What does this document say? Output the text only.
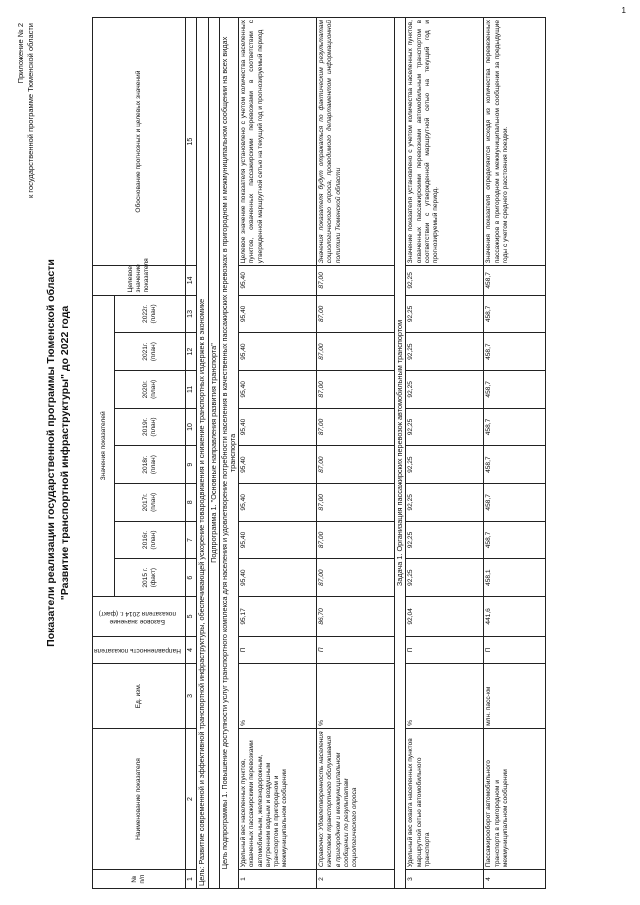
1
Приложение № 2 к государственной программе Тюменской области
Показатели реализации государственной программы Тюменской области "Развитие транспортной инфраструктуры" до 2022 года
№ п/п	Наименование показателя	Ед. изм.	Направленность показателя	Базовое значение показателя 2014 г. (факт)	Значения показателей								Целевое значение показателя	Обоснование прогнозных и целевых значений
					2015 г. (факт)	2016г. (план)	2017г. (план)	2018г. (план)	2019г. (план)	2020г. (план)	2021г. (план)	2022г. (план)		
1	2	3	4	5	6	7	8	9	10	11	12	13	14	15
Цель: Развитие современной и эффективной транспортной инфраструктуры, обеспечивающей ускорение товародвижения и снижение транспортных издержек в экономике														
Подпрограмма 1. "Основные направления развития транспорта"														
Цель подпрограммы 1. Повышение доступности услуг транспортного комплекса для населения и удовлетворение потребности населения в качественных пассажирских перевозках в пригородном и межмуниципальном сообщении на всех видах транспорта														
1	Удельный вес населенных пунктов, охваченных пассажирскими перевозками автомобильным, железнодорожным, внутренним водным и воздушным транспортом в пригородном и межмуниципальном сообщении	%	П	95,17	95,40	95,40	95,40	95,40	95,40	95,40	95,40	95,40	95,40	Целевое значение показателя установлено с учетом количества населенных пунктов, охваченных пассажирскими перевозками в соответствии с утвержденной маршрутной сетью на текущий год и прогнозируемый период
2	Справочно: Удовлетворенность населения качеством транспортного обслуживания в пригородном и межмуниципальном сообщении по результатам социологического опроса	%	П	86,70	87,00	87,00	87,00	87,00	87,00	87,00	87,00	87,00	87,00	Значения показателя будут отражаться по фактическим результатам социологического опроса, проводимого департаментом информационной политики Тюменской области
Задача 1. Организация пассажирских перевозок автомобильным транспортом														
3	Удельный вес охвата населенных пунктов маршрутной сетью автомобильного транспорта	%	П	92,04	92,25	92,25	92,25	92,25	92,25	92,25	92,25	92,25	92,25	Значение показателя установлено с учетом количества населенных пунктов, охваченных пассажирскими перевозками автомобильным транспортом в соответствии с утвержденной маршрутной сетью на текущий год и прогнозируемый период.
4	Пассажирооборот автомобильного транспорта в пригородном и межмуниципальном сообщении	млн. пасс-км	П	441,6	458,1	458,7	458,7	458,7	458,7	458,7	458,7	458,7	458,7	Значения показателя определяются исходя из количества перевезенных пассажиров в пригородном и межмуниципальном сообщении за предыдущие годы с учетом среднего расстояния поездки.
